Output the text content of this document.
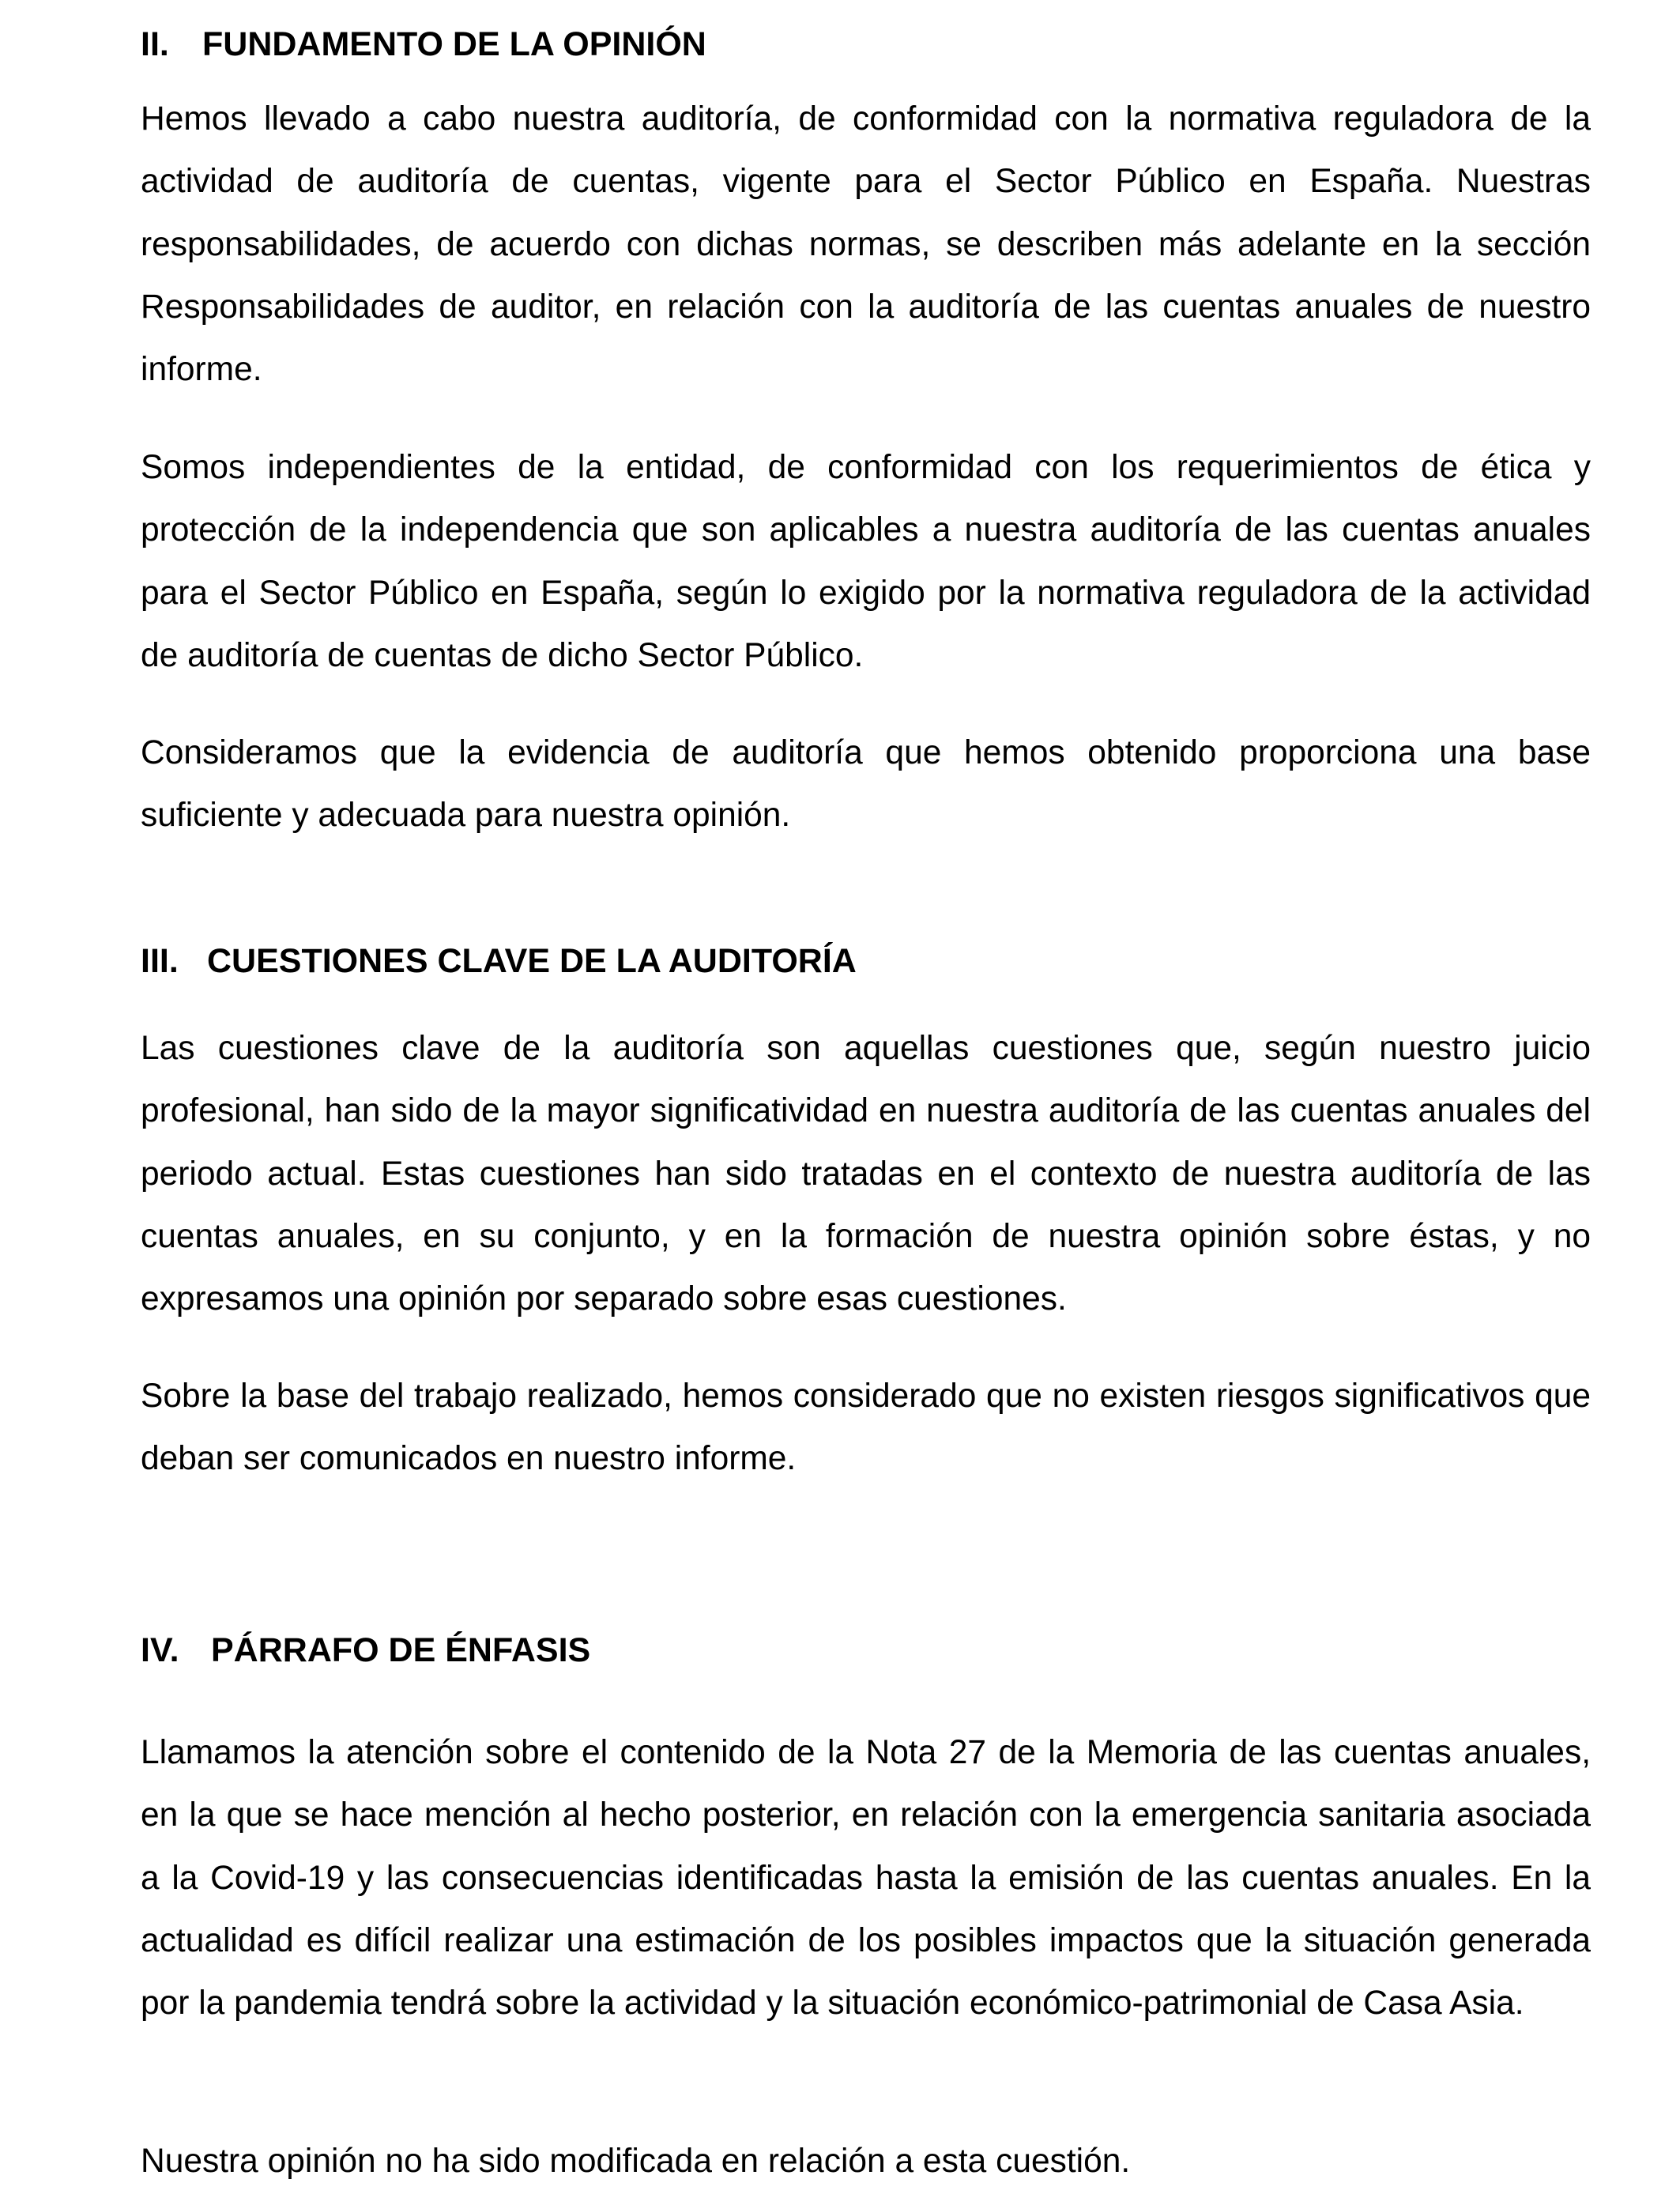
II. FUNDAMENTO DE LA OPINIÓN

Hemos llevado a cabo nuestra auditoría, de conformidad con la normativa reguladora de la actividad de auditoría de cuentas, vigente para el Sector Público en España. Nuestras responsabilidades, de acuerdo con dichas normas, se describen más adelante en la sección Responsabilidades de auditor, en relación con la auditoría de las cuentas anuales de nuestro informe.

Somos independientes de la entidad, de conformidad con los requerimientos de ética y protección de la independencia que son aplicables a nuestra auditoría de las cuentas anuales para el Sector Público en España, según lo exigido por la normativa reguladora de la actividad de auditoría de cuentas de dicho Sector Público.

Consideramos que la evidencia de auditoría que hemos obtenido proporciona una base suficiente y adecuada para nuestra opinión.

III. CUESTIONES CLAVE DE LA AUDITORÍA

Las cuestiones clave de la auditoría son aquellas cuestiones que, según nuestro juicio profesional, han sido de la mayor significatividad en nuestra auditoría de las cuentas anuales del periodo actual. Estas cuestiones han sido tratadas en el contexto de nuestra auditoría de las cuentas anuales, en su conjunto, y en la formación de nuestra opinión sobre éstas, y no expresamos una opinión por separado sobre esas cuestiones.

Sobre la base del trabajo realizado, hemos considerado que no existen riesgos significativos que deban ser comunicados en nuestro informe.

IV. PÁRRAFO DE ÉNFASIS

Llamamos la atención sobre el contenido de la Nota 27 de la Memoria de las cuentas anuales, en la que se hace mención al hecho posterior, en relación con la emergencia sanitaria asociada a la Covid-19 y las consecuencias identificadas hasta la emisión de las cuentas anuales. En la actualidad es difícil realizar una estimación de los posibles impactos que la situación generada por la pandemia tendrá sobre la actividad y la situación económico-patrimonial de Casa Asia.

Nuestra opinión no ha sido modificada en relación a esta cuestión.
